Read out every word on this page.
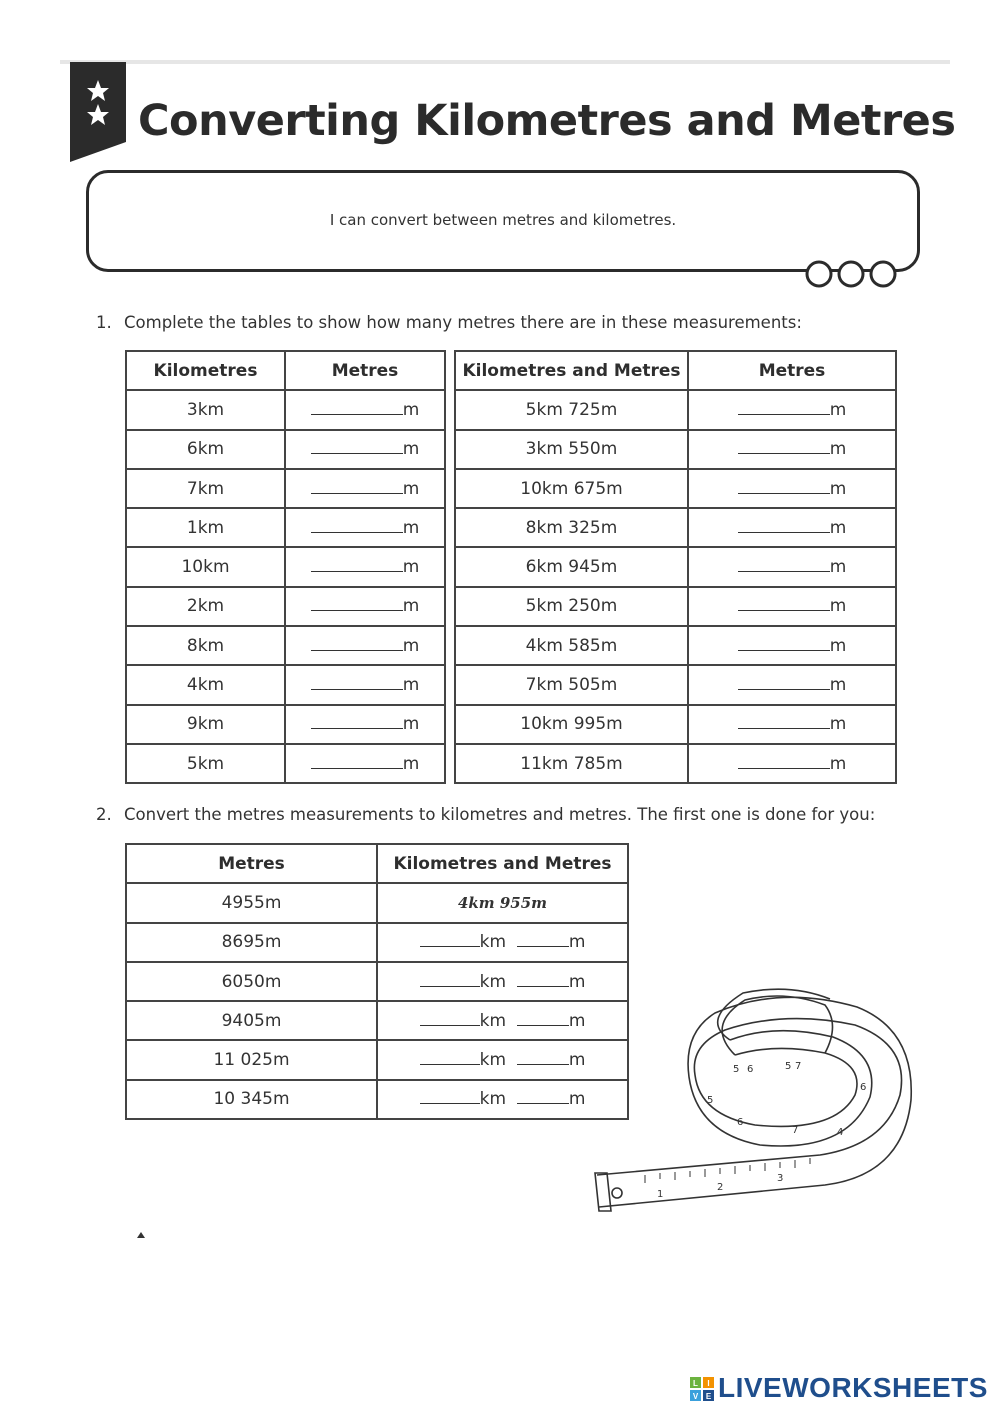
Converting Kilometres and Metres
I can convert between metres and kilometres.
1. Complete the tables to show how many metres there are in these measurements:
Kilometres	Metres
3km	m
6km	m
7km	m
1km	m
10km	m
2km	m
8km	m
4km	m
9km	m
5km	m
Kilometres and Metres	Metres
5km 725m	m
3km 550m	m
10km 675m	m
8km 325m	m
6km 945m	m
5km 250m	m
4km 585m	m
7km 505m	m
10km 995m	m
11km 785m	m
2. Convert the metres measurements to kilometres and metres. The first one is done for you:
Metres	Kilometres and Metres
4955m	4km 955m
8695m	km m
6050m	km m
9405m	km m
11 025m	km m
10 345m	km m
1
2
3
4
5
6
7
5 6	5 7
6
L I
V E LIVEWORKSHEETS
